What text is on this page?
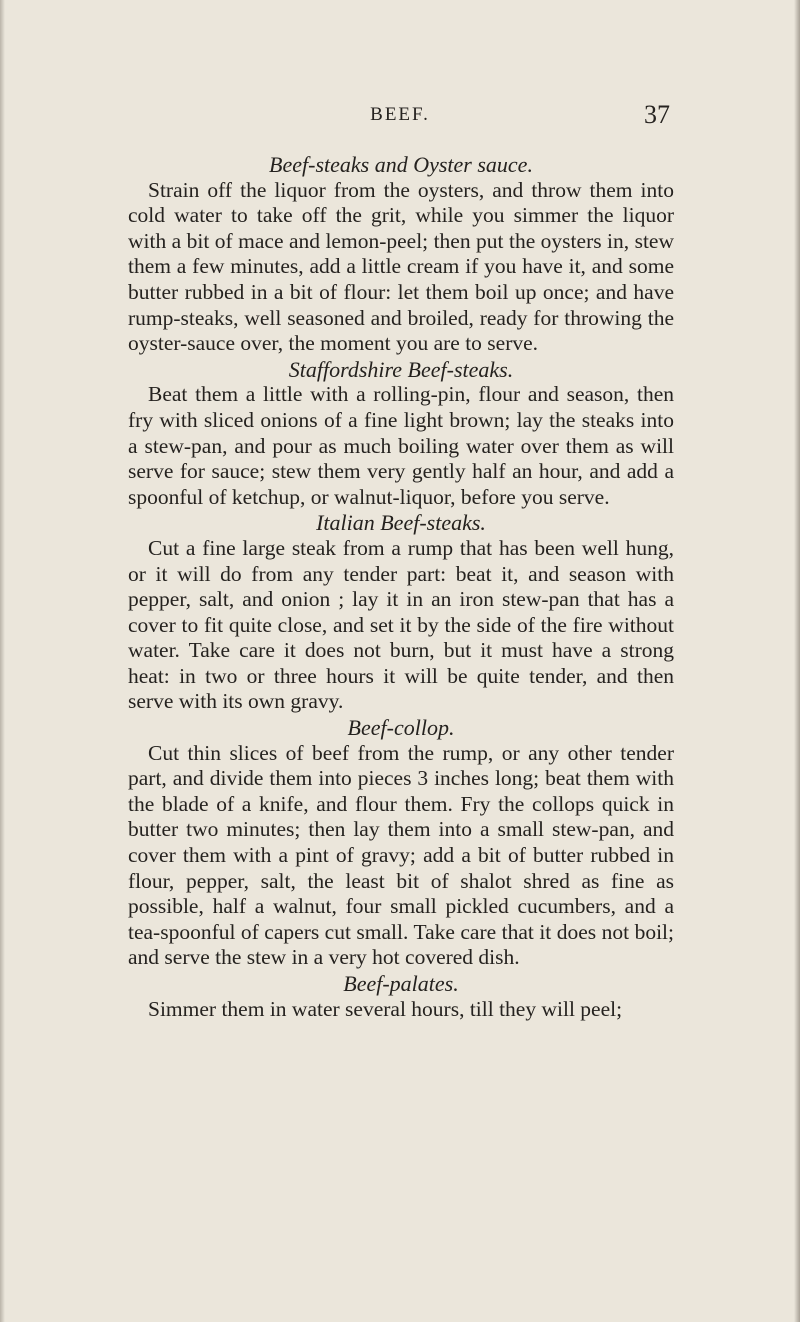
BEEF.	37

Beef-steaks and Oyster sauce.

Strain off the liquor from the oysters, and throw them into cold water to take off the grit, while you simmer the liquor with a bit of mace and lemon-peel; then put the oysters in, stew them a few minutes, add a little cream if you have it, and some butter rubbed in a bit of flour: let them boil up once; and have rump-steaks, well seasoned and broiled, ready for throwing the oyster-sauce over, the moment you are to serve.

Staffordshire Beef-steaks.

Beat them a little with a rolling-pin, flour and season, then fry with sliced onions of a fine light brown; lay the steaks into a stew-pan, and pour as much boiling water over them as will serve for sauce; stew them very gently half an hour, and add a spoonful of ketchup, or walnut-liquor, before you serve.

Italian Beef-steaks.

Cut a fine large steak from a rump that has been well hung, or it will do from any tender part: beat it, and season with pepper, salt, and onion ; lay it in an iron stew-pan that has a cover to fit quite close, and set it by the side of the fire without water. Take care it does not burn, but it must have a strong heat: in two or three hours it will be quite tender, and then serve with its own gravy.

Beef-collop.

Cut thin slices of beef from the rump, or any other tender part, and divide them into pieces 3 inches long; beat them with the blade of a knife, and flour them. Fry the collops quick in butter two minutes; then lay them into a small stew-pan, and cover them with a pint of gravy; add a bit of butter rubbed in flour, pepper, salt, the least bit of shalot shred as fine as possible, half a walnut, four small pickled cucumbers, and a tea-spoonful of capers cut small. Take care that it does not boil; and serve the stew in a very hot covered dish.

Beef-palates.

Simmer them in water several hours, till they will peel;
